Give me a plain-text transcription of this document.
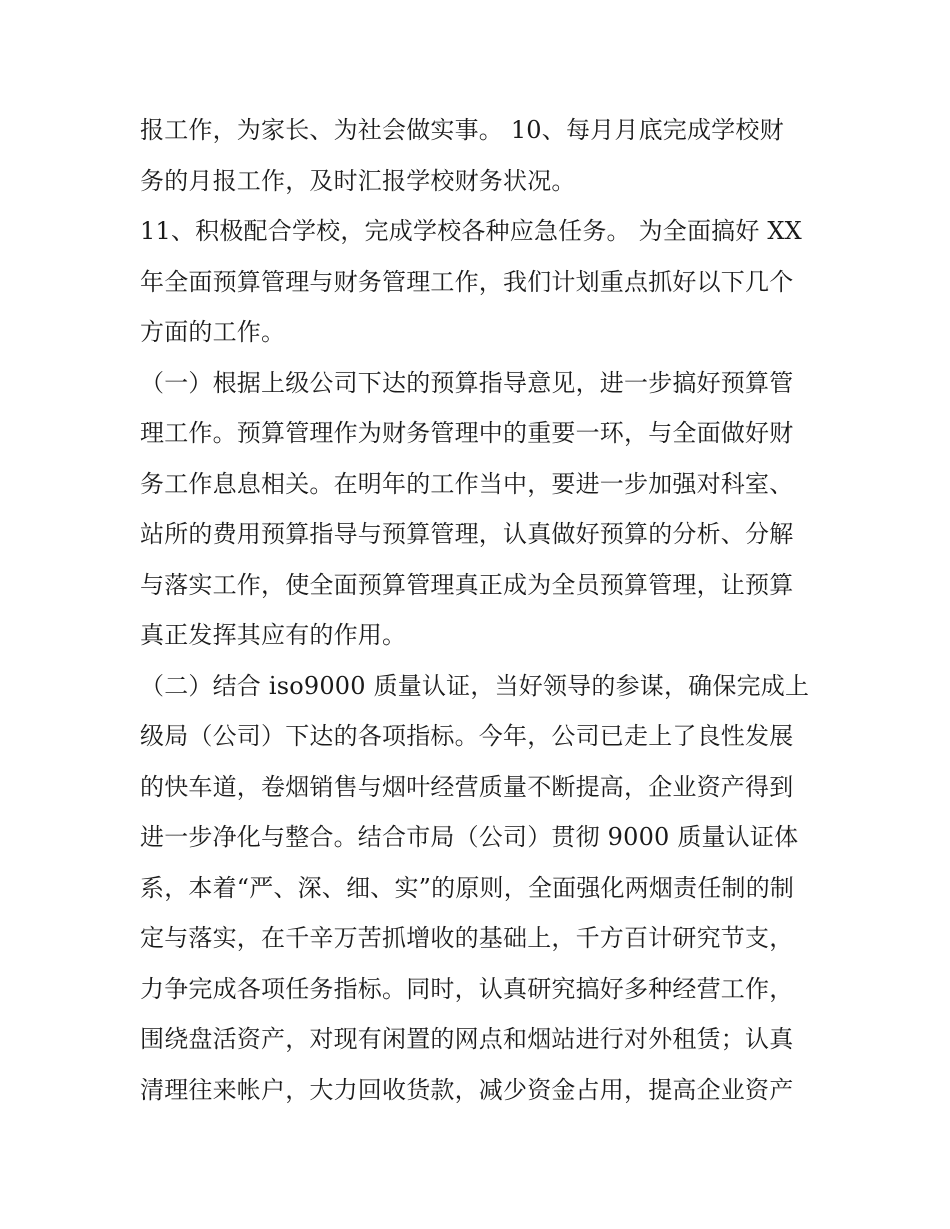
报工作，为家长、为社会做实事。 10、每月月底完成学校财
务的月报工作，及时汇报学校财务状况。
11、积极配合学校，完成学校各种应急任务。 为全面搞好 XX
年全面预算管理与财务管理工作，我们计划重点抓好以下几个
方面的工作。
（一）根据上级公司下达的预算指导意见，进一步搞好预算管
理工作。预算管理作为财务管理中的重要一环，与全面做好财
务工作息息相关。在明年的工作当中，要进一步加强对科室、
站所的费用预算指导与预算管理，认真做好预算的分析、分解
与落实工作，使全面预算管理真正成为全员预算管理，让预算
真正发挥其应有的作用。
（二）结合 iso9000 质量认证，当好领导的参谋，确保完成上
级局（公司）下达的各项指标。今年，公司已走上了良性发展
的快车道，卷烟销售与烟叶经营质量不断提高，企业资产得到
进一步净化与整合。结合市局（公司）贯彻 9000 质量认证体
系，本着“严、深、细、实”的原则，全面强化两烟责任制的制
定与落实，在千辛万苦抓增收的基础上，千方百计研究节支，
力争完成各项任务指标。同时，认真研究搞好多种经营工作，
围绕盘活资产，对现有闲置的网点和烟站进行对外租赁；认真
清理往来帐户，大力回收货款，减少资金占用，提高企业资产
